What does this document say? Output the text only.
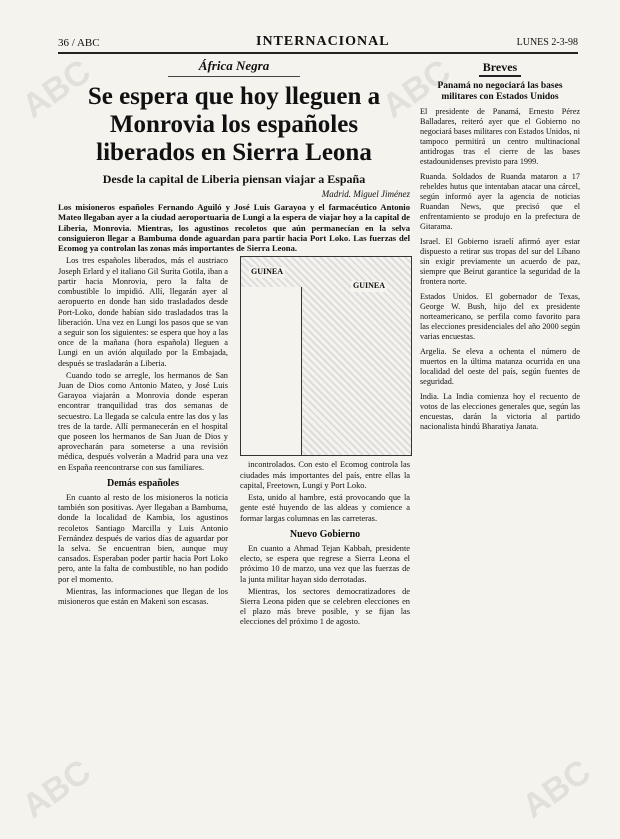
36 / ABC	INTERNACIONAL	LUNES 2-3-98
África Negra
Se espera que hoy lleguen a Monrovia los españoles liberados en Sierra Leona
Desde la capital de Liberia piensan viajar a España
Madrid. Miguel Jiménez

Los misioneros españoles Fernando Aguiló y José Luis Garayoa y el farmacéutico Antonio Mateo llegaban ayer a la ciudad aeroportuaria de Lungi a la espera de viajar hoy a la capital de Liberia, Monrovia. Mientras, los agustinos recoletos que aún permanecían en la selva consiguieron llegar a Bambuma donde aguardan para partir hacia Port Loko. Las fuerzas del Ecomog ya controlan las zonas más importantes de Sierra Leona.

Los tres españoles liberados, más el austriaco Joseph Erlard y el italiano Gil Surita Gotila, iban a partir hacia Monrovia, pero la falta de combustible lo impidió. Allí, llegarán ayer al aeropuerto en donde han sido trasladados desde Port-Loko, donde habían sido trasladados tras la liberación. Una vez en Lungi los pasos que se van a seguir son los siguientes: se espera que hoy a las once de la mañana (hora española) lleguen a Lungi en un avión alquilado por la Embajada, después se trasladarán a Liberia.

Cuando todo se arregle, los hermanos de San Juan de Dios como Antonio Mateo, y José Luis Garayoa viajarán a Monrovia donde esperan encontrar tranquilidad tras dos semanas de secuestro. La llegada se calcula entre las dos y las tres de la tarde. Allí permanecerán en el hospital que poseen los hermanos de San Juan de Dios y aprovecharán para someterse a una revisión médica, después volverán a Madrid para una vez en España reencontrarse con sus familiares.

Demás españoles

En cuanto al resto de los misioneros la noticia también son positivas. Ayer llegaban a Bambuma, donde la localidad de Kambia, los agustinos recoletos Santiago Marcilla y Luis Antonio Fernández después de varios días de aguardar por la selva. Se encuentran bien, aunque muy cansados. Esperaban poder partir hacia Port Loko pero, ante la falta de combustible, no han podido por el momento.

Mientras, las informaciones que llegan de los misioneros que están en Makeni son escasas.

GUINEA
GUINEA

incontrolados. Con esto el Ecomog controla las ciudades más importantes del país, entre ellas la capital, Freetown, Lungi y Port Loko.

Esta, unido al hambre, está provocando que la gente esté huyendo de las aldeas y comience a formar largas columnas en las carreteras.

Nuevo Gobierno

En cuanto a Ahmad Tejan Kabbah, presidente electo, se espera que regrese a Sierra Leona el próximo 10 de marzo, una vez que las fuerzas de la junta militar hayan sido derrotadas.

Mientras, los sectores democratizadores de Sierra Leona piden que se celebren elecciones en el plazo más breve posible, y se fijan las elecciones del próximo 1 de agosto.

Breves
Panamá no negociará las bases militares con Estados Unidos

El presidente de Panamá, Ernesto Pérez Balladares, reiteró ayer que el Gobierno no negociará bases militares con Estados Unidos, ni tampoco permitirá un centro multinacional antidrogas tras el cierre de las bases estadounidenses previsto para 1999.

Ruanda. Soldados de Ruanda mataron a 17 rebeldes hutus que intentaban atacar una cárcel, según informó ayer la agencia de noticias Ruandan News, que precisó que el enfrentamiento se produjo en la prefectura de Gitarama.

Israel. El Gobierno israelí afirmó ayer estar dispuesto a retirar sus tropas del sur del Líbano sin exigir previamente un acuerdo de paz, siempre que Beirut garantice la seguridad de la frontera norte.

Estados Unidos. El gobernador de Texas, George W. Bush, hijo del ex presidente norteamericano, se perfila como favorito para las elecciones presidenciales del año 2000 según varias encuestas.

Argelia. Se eleva a ochenta el número de muertos en la última matanza ocurrida en una localidad del oeste del país, según fuentes de seguridad.

India. La India comienza hoy el recuento de votos de las elecciones generales que, según las encuestas, darán la victoria al partido nacionalista hindú Bharatiya Janata.

ABC	ABC
ABC	ABC
